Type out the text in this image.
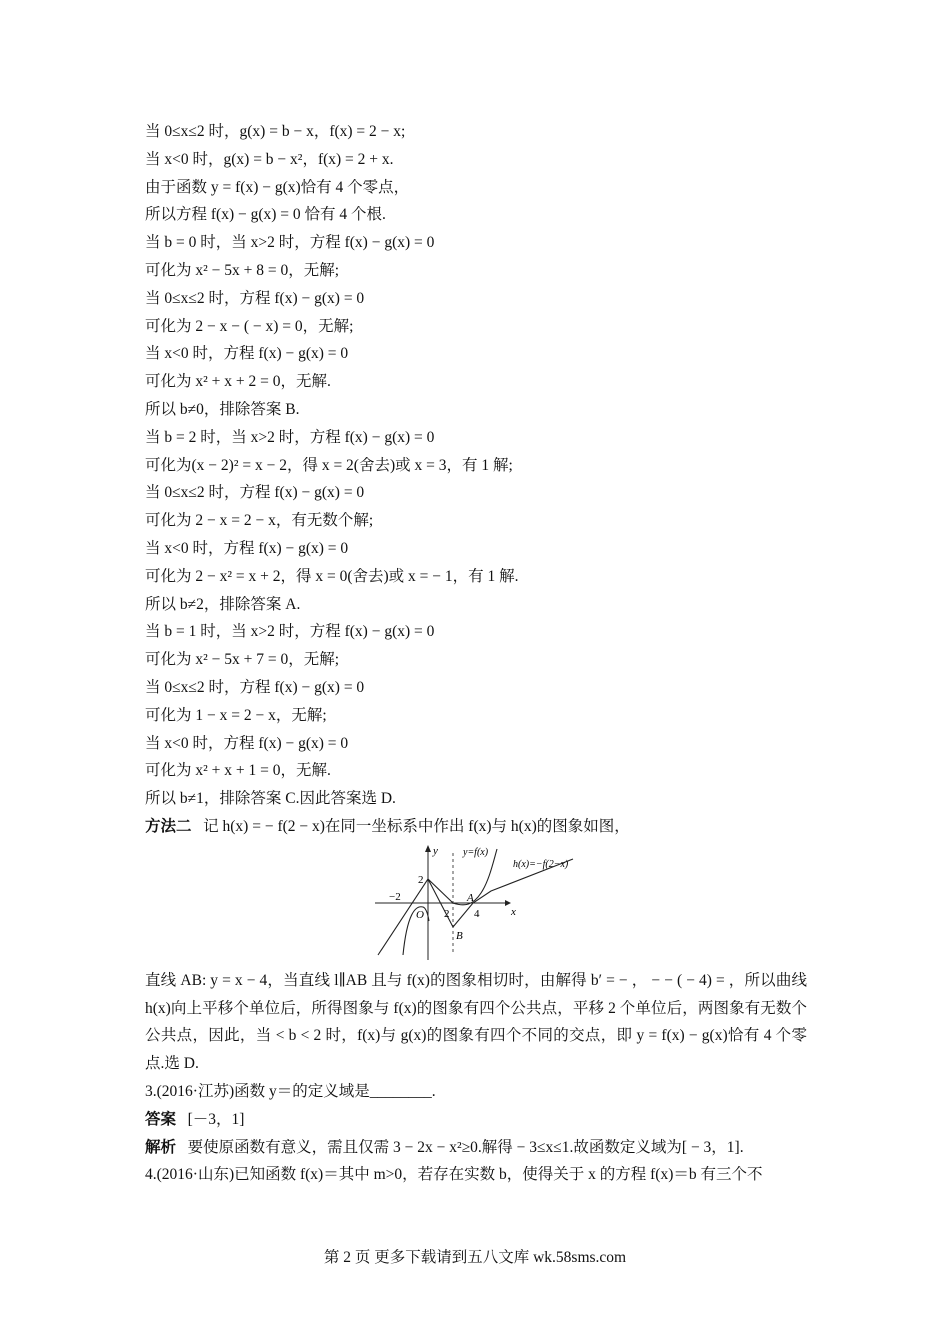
当 0≤x≤2 时，g(x) = b − x，f(x) = 2 − x;
当 x<0 时，g(x) = b − x²，f(x) = 2 + x.
由于函数 y = f(x) − g(x)恰有 4 个零点，
所以方程 f(x) − g(x) = 0 恰有 4 个根.
当 b = 0 时，当 x>2 时，方程 f(x) − g(x) = 0
可化为 x² − 5x + 8 = 0，无解;
当 0≤x≤2 时，方程 f(x) − g(x) = 0
可化为 2 − x − ( − x) = 0，无解;
当 x<0 时，方程 f(x) − g(x) = 0
可化为 x² + x + 2 = 0，无解.
所以 b≠0，排除答案 B.
当 b = 2 时，当 x>2 时，方程 f(x) − g(x) = 0
可化为(x − 2)² = x − 2，得 x = 2(舍去)或 x = 3，有 1 解;
当 0≤x≤2 时，方程 f(x) − g(x) = 0
可化为 2 − x = 2 − x，有无数个解;
当 x<0 时，方程 f(x) − g(x) = 0
可化为 2 − x² = x + 2，得 x = 0(舍去)或 x = − 1，有 1 解.
所以 b≠2，排除答案 A.
当 b = 1 时，当 x>2 时，方程 f(x) − g(x) = 0
可化为 x² − 5x + 7 = 0，无解;
当 0≤x≤2 时，方程 f(x) − g(x) = 0
可化为 1 − x = 2 − x，无解;
当 x<0 时，方程 f(x) − g(x) = 0
可化为 x² + x + 1 = 0，无解.
所以 b≠1，排除答案 C.因此答案选 D.
方法二 记 h(x) = − f(2 − x)在同一坐标系中作出 f(x)与 h(x)的图象如图，
y
x
y=f(x)
h(x)=−f(2−x)
O
−2
2
2 4
A
B
直线 AB: y = x − 4，当直线 l∥AB 且与 f(x)的图象相切时，由解得 b′ = − ， − − ( − 4) = ，所以曲线 h(x)向上平移个单位后，所得图象与 f(x)的图象有四个公共点，平移 2 个单位后，两图象有无数个公共点，因此，当 < b < 2 时，f(x)与 g(x)的图象有四个不同的交点，即 y = f(x) − g(x)恰有 4 个零点.选 D.
3.(2016·江苏)函数 y＝的定义域是________.
答案 [－3，1]
解析 要使原函数有意义，需且仅需 3 − 2x − x²≥0.解得 − 3≤x≤1.故函数定义域为[ − 3，1].
4.(2016·山东)已知函数 f(x)＝其中 m>0，若存在实数 b，使得关于 x 的方程 f(x)＝b 有三个不
第 2 页 更多下载请到五八文库 wk.58sms.com
